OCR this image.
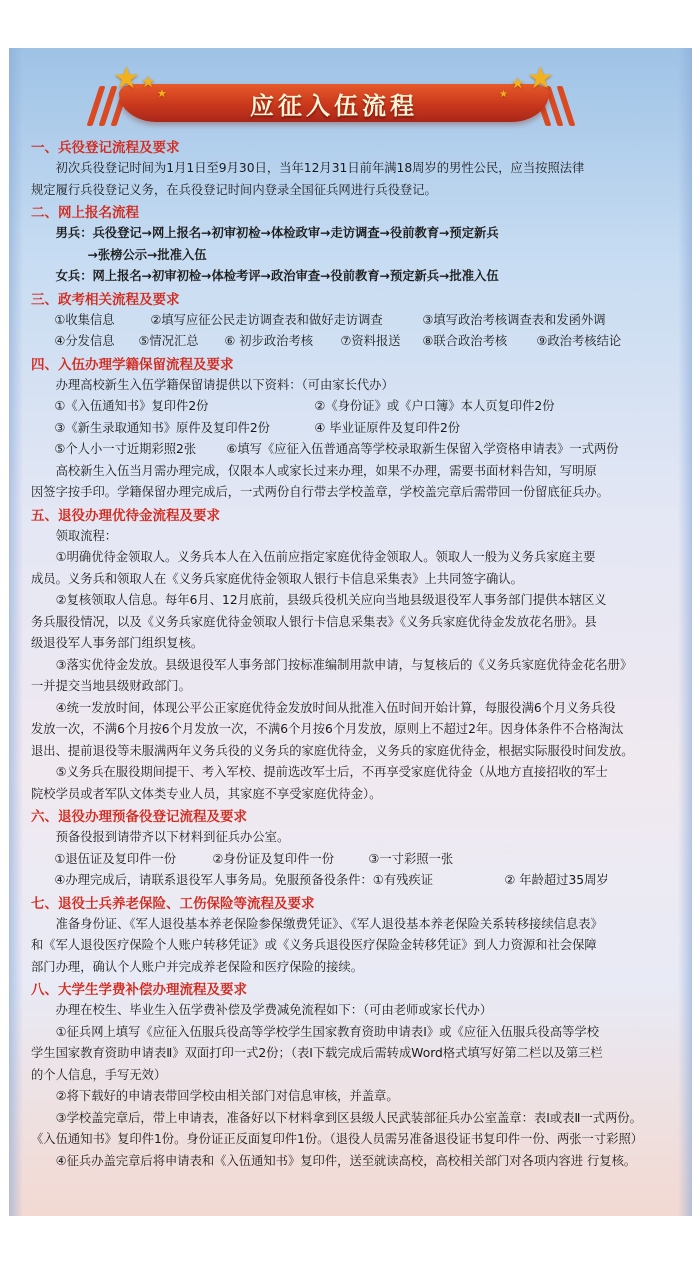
应征入伍流程
★ ★
★	★
★
★
一、兵役登记流程及要求
初次兵役登记时间为1月1日至9月30日，当年12月31日前年满18周岁的男性公民，应当按照法律
规定履行兵役登记义务，在兵役登记时间内登录全国征兵网进行兵役登记。
二、网上报名流程
男兵：兵役登记→网上报名→初审初检→体检政审→走访调查→役前教育→预定新兵
→张榜公示→批准入伍
女兵：网上报名→初审初检→体检考评→政治审查→役前教育→预定新兵→批准入伍
三、政考相关流程及要求
①收集信息	②填写应征公民走访调查表和做好走访调查	③填写政治考核调查表和发函外调
④分发信息	⑤情况汇总	⑥ 初步政治考核	⑦资料报送	⑧联合政治考核	⑨政治考核结论
四、入伍办理学籍保留流程及要求
办理高校新生入伍学籍保留请提供以下资料：（可由家长代办）
①《入伍通知书》复印件2份	②《身份证》或《户口簿》本人页复印件2份
③《新生录取通知书》原件及复印件2份	④ 毕业证原件及复印件2份
⑤个人小一寸近期彩照2张	⑥填写《应征入伍普通高等学校录取新生保留入学资格申请表》一式两份
高校新生入伍当月需办理完成，仅限本人或家长过来办理，如果不办理，需要书面材料告知，写明原
因签字按手印。学籍保留办理完成后，一式两份自行带去学校盖章，学校盖完章后需带回一份留底征兵办。
五、退役办理优待金流程及要求
领取流程：
①明确优待金领取人。义务兵本人在入伍前应指定家庭优待金领取人。领取人一般为义务兵家庭主要
成员。义务兵和领取人在《义务兵家庭优待金领取人银行卡信息采集表》上共同签字确认。
②复核领取人信息。每年6月、12月底前，县级兵役机关应向当地县级退役军人事务部门提供本辖区义
务兵服役情况，以及《义务兵家庭优待金领取人银行卡信息采集表》《义务兵家庭优待金发放花名册》。县
级退役军人事务部门组织复核。
③落实优待金发放。县级退役军人事务部门按标准编制用款申请，与复核后的《义务兵家庭优待金花名册》
一并提交当地县级财政部门。
④统一发放时间，体现公平公正家庭优待金发放时间从批准入伍时间开始计算，每服役满6个月义务兵役
发放一次，不满6个月按6个月发放一次，不满6个月按6个月发放，原则上不超过2年。因身体条件不合格淘汰
退出、提前退役等未服满两年义务兵役的义务兵的家庭优待金，义务兵的家庭优待金，根据实际服役时间发放。
⑤义务兵在服役期间提干、考入军校、提前选改军士后，不再享受家庭优待金（从地方直接招收的军士
院校学员或者军队文体类专业人员，其家庭不享受家庭优待金）。
六、退役办理预备役登记流程及要求
预备役报到请带齐以下材料到征兵办公室。
①退伍证及复印件一份	②身份证及复印件一份	③一寸彩照一张
④办理完成后，请联系退役军人事务局。免服预备役条件：①有残疾证	② 年龄超过35周岁
七、退役士兵养老保险、工伤保险等流程及要求
准备身份证、《军人退役基本养老保险参保缴费凭证》、《军人退役基本养老保险关系转移接续信息表》
和《军人退役医疗保险个人账户转移凭证》或《义务兵退役医疗保险金转移凭证》到人力资源和社会保障
部门办理，确认个人账户并完成养老保险和医疗保险的接续。
八、大学生学费补偿办理流程及要求
办理在校生、毕业生入伍学费补偿及学费减免流程如下：（可由老师或家长代办）
①征兵网上填写《应征入伍服兵役高等学校学生国家教育资助申请表Ⅰ》或《应征入伍服兵役高等学校
学生国家教育资助申请表Ⅱ》双面打印一式2份；（表Ⅰ下载完成后需转成Word格式填写好第二栏以及第三栏
的个人信息，手写无效）
②将下载好的申请表带回学校由相关部门对信息审核，并盖章。
③学校盖完章后，带上申请表，准备好以下材料拿到区县级人民武装部征兵办公室盖章：表Ⅰ或表Ⅱ一式两份。
《入伍通知书》复印件1份。身份证正反面复印件1份。（退役人员需另准备退役证书复印件一份、两张一寸彩照）
④征兵办盖完章后将申请表和《入伍通知书》复印件，送至就读高校，高校相关部门对各项内容进 行复核。
